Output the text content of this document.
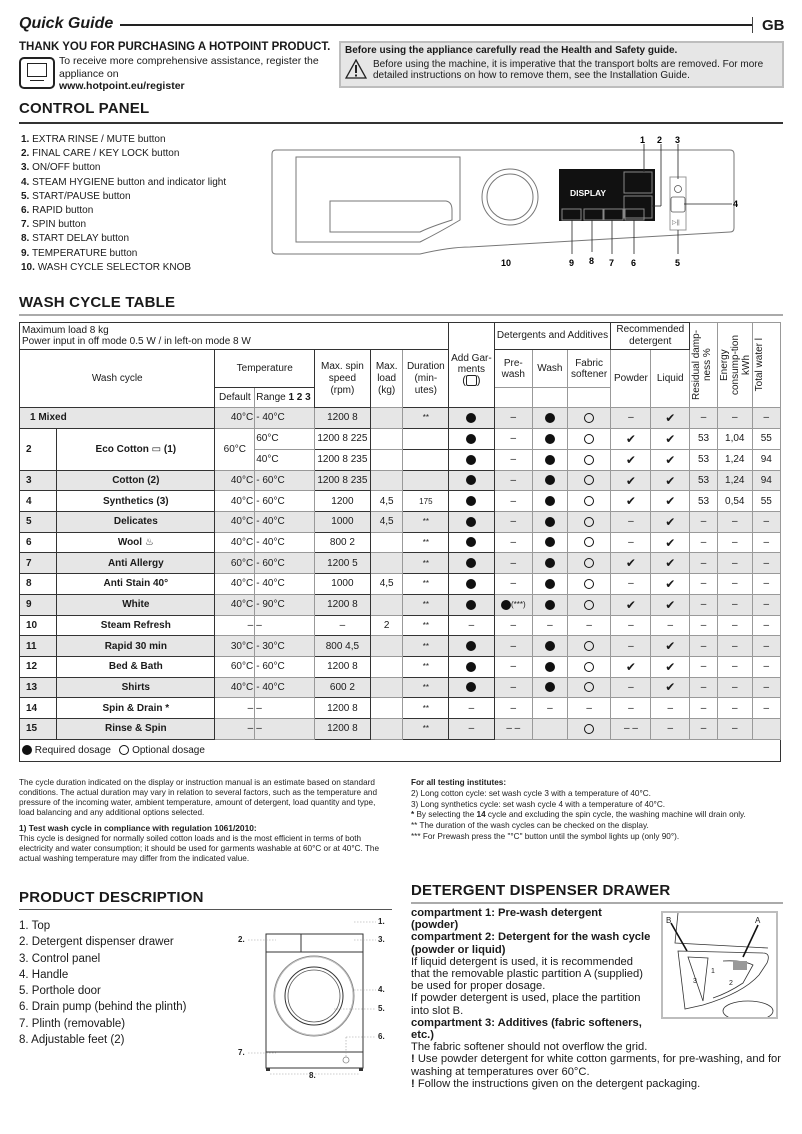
Quick Guide	GB
THANK YOU FOR PURCHASING A HOTPOINT PRODUCT.
To receive more comprehensive assistance, register the appliance on
www.hotpoint.eu/register
Before using the appliance carefully read the Health and Safety guide.
Before using the machine, it is imperative that the transport bolts are removed. For more detailed instructions on how to remove them, see the Installation Guide.
CONTROL PANEL
1. EXTRA RINSE / MUTE button
2. FINAL CARE / KEY LOCK button
3. ON/OFF button
4. STEAM HYGIENE button and indicator light
5. START/PAUSE button
6. RAPID button
7. SPIN button
8. START DELAY button
9. TEMPERATURE button
10. WASH CYCLE SELECTOR KNOB
DISPLAY
▷||
1 2 3
4
10	9 8 7 6	5
WASH CYCLE TABLE
Maximum load 8 kg
Power input in off mode 0.5 W / in left-on mode 8 W	
Add Gar-ments
( )
	Detergents and Additives	Recommended detergent	Residual damp-ness %	Energy consump-tion kWh	Total water l

Wash cycle		Temperature		Max. spin speed (rpm)	Max. load (kg)	Duration (min-utes)		Pre-wash	Wash	Fabric softener	Powder	Liquid			
		Default	Range 1 2 3												
1 Mixed		40°C	- 40°C	1200 8		**		–			–	✔	–	–	–
2	Eco Cotton ▭ (1)	60°C	60°C	1200 8 225				–			✔	✔	53	1,04	55
			40°C	1200 8 235				–			✔	✔	53	1,24	94
3	Cotton (2)	40°C	- 60°C	1200 8 235				–			✔	✔	53	1,24	94
4	Synthetics (3)	40°C	- 60°C	1200	4,5	175		–			✔	✔	53	0,54	55
5	Delicates	40°C	- 40°C	1000	4,5	**		–			–	✔	–	–	–
6	Wool ♨	40°C	- 40°C	800 2		**		–			–	✔	–	–	–
7	Anti Allergy	60°C	- 60°C	1200 5		**		–			✔	✔	–	–	–
8	Anti Stain 40°	40°C	- 40°C	1000	4,5	**		–			–	✔	–	–	–
9	White	40°C	- 90°C	1200 8		**		(***)			✔	✔	–	–	–
10	Steam Refresh	–	–	–	2	**	–	–	–	–	–	–	–	–	–
11	Rapid 30 min	30°C	- 30°C	800 4,5		**		–			–	✔	–	–	–
12	Bed & Bath	60°C	- 60°C	1200 8		**		–			✔	✔	–	–	–
13	Shirts	40°C	- 40°C	600 2		**		–			–	✔	–	–	–
14	Spin & Drain *	–	–	1200 8		**	–	–	–	–	–	–	–	–	–
15	Rinse & Spin	–	–	1200 8		**	–	– –			– –	–	–	–	
Required dosage Optional dosage															
The cycle duration indicated on the display or instruction manual is an estimate based on standard conditions. The actual duration may vary in relation to several factors, such as the temperature and pressure of the incoming water, ambient temperature, amount of detergent, load quantity and type, load balancing and any additional options selected.
1) Test wash cycle in compliance with regulation 1061/2010:
This cycle is designed for normally soiled cotton loads and is the most efficient in terms of both electricity and water consumption; it should be used for garments washable at 60°C or at 40°C. The actual washing temperature may differ from the indicated value.
For all testing institutes:
2) Long cotton cycle: set wash cycle 3 with a temperature of 40°C.
3) Long synthetics cycle: set wash cycle 4 with a temperature of 40°C.
* By selecting the 14 cycle and excluding the spin cycle, the washing machine will drain only.
** The duration of the wash cycles can be checked on the display.
*** For Prewash press the "°C" button until the symbol lights up (only 90°).
PRODUCT DESCRIPTION
1. Top
2. Detergent dispenser drawer
3. Control panel
4. Handle
5. Porthole door
6. Drain pump (behind the plinth)
7. Plinth (removable)
8. Adjustable feet (2)
1.
2.	3.
4.
5.
6.
7.
8.
DETERGENT DISPENSER DRAWER
compartment 1: Pre-wash detergent (powder)
compartment 2: Detergent for the wash cycle (powder or liquid)
If liquid detergent is used, it is recommended that the removable plastic partition A (supplied) be used for proper dosage.
If powder detergent is used, place the partition into slot B.
compartment 3: Additives (fabric softeners, etc.)
The fabric softener should not overflow the grid.
! Use powder detergent for white cotton garments, for pre-washing, and for washing at temperatures over 60°C.
! Follow the instructions given on the detergent packaging.
B	A
1
2
3
